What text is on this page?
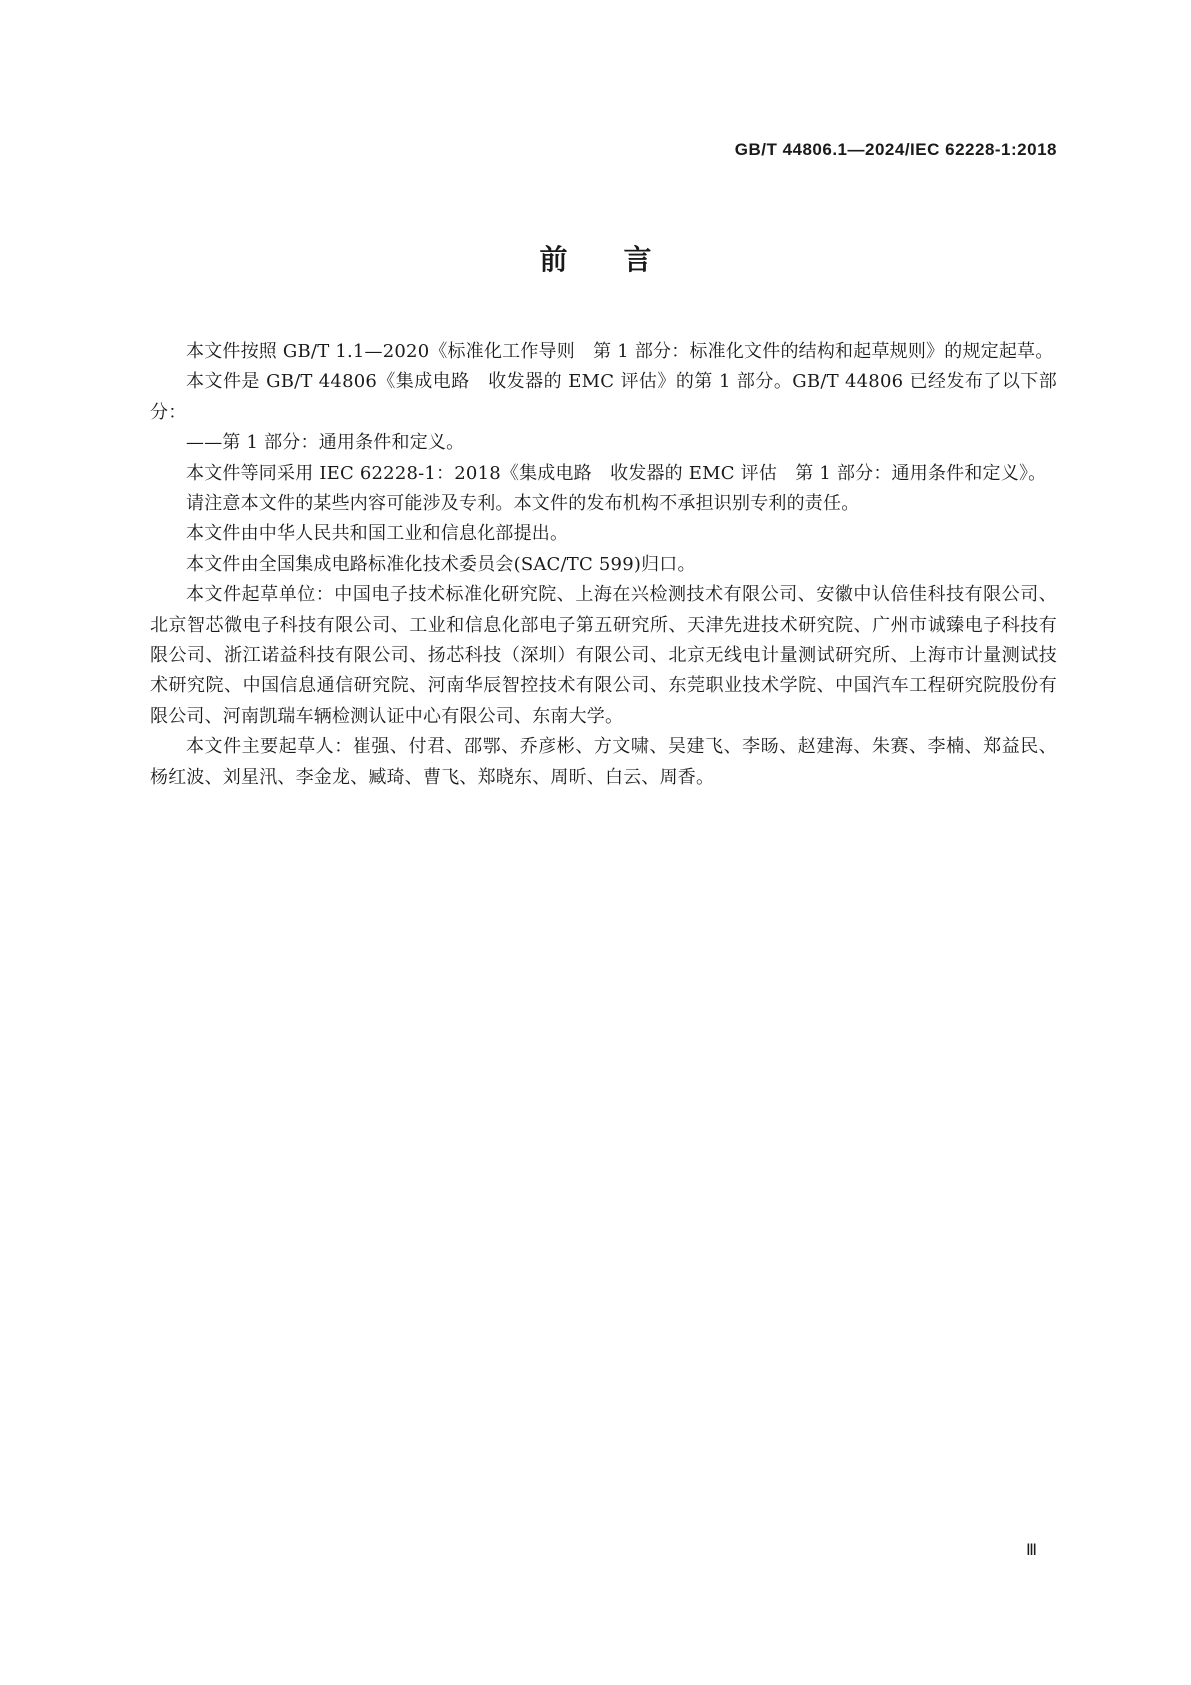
GB/T 44806.1—2024/IEC 62228-1:2018
前言

本文件按照 GB/T 1.1—2020《标准化工作导则　第 1 部分：标准化文件的结构和起草规则》的规定起草。

本文件是 GB/T 44806《集成电路　收发器的 EMC 评估》的第 1 部分。GB/T 44806 已经发布了以下部分：

——第 1 部分：通用条件和定义。

本文件等同采用 IEC 62228-1：2018《集成电路　收发器的 EMC 评估　第 1 部分：通用条件和定义》。

请注意本文件的某些内容可能涉及专利。本文件的发布机构不承担识别专利的责任。

本文件由中华人民共和国工业和信息化部提出。

本文件由全国集成电路标准化技术委员会(SAC/TC 599)归口。

本文件起草单位：中国电子技术标准化研究院、上海在兴检测技术有限公司、安徽中认倍佳科技有限公司、北京智芯微电子科技有限公司、工业和信息化部电子第五研究所、天津先进技术研究院、广州市诚臻电子科技有限公司、浙江诺益科技有限公司、扬芯科技（深圳）有限公司、北京无线电计量测试研究所、上海市计量测试技术研究院、中国信息通信研究院、河南华辰智控技术有限公司、东莞职业技术学院、中国汽车工程研究院股份有限公司、河南凯瑞车辆检测认证中心有限公司、东南大学。

本文件主要起草人：崔强、付君、邵鄂、乔彦彬、方文啸、吴建飞、李旸、赵建海、朱赛、李楠、郑益民、杨红波、刘星汛、李金龙、臧琦、曹飞、郑晓东、周昕、白云、周香。

Ⅲ
